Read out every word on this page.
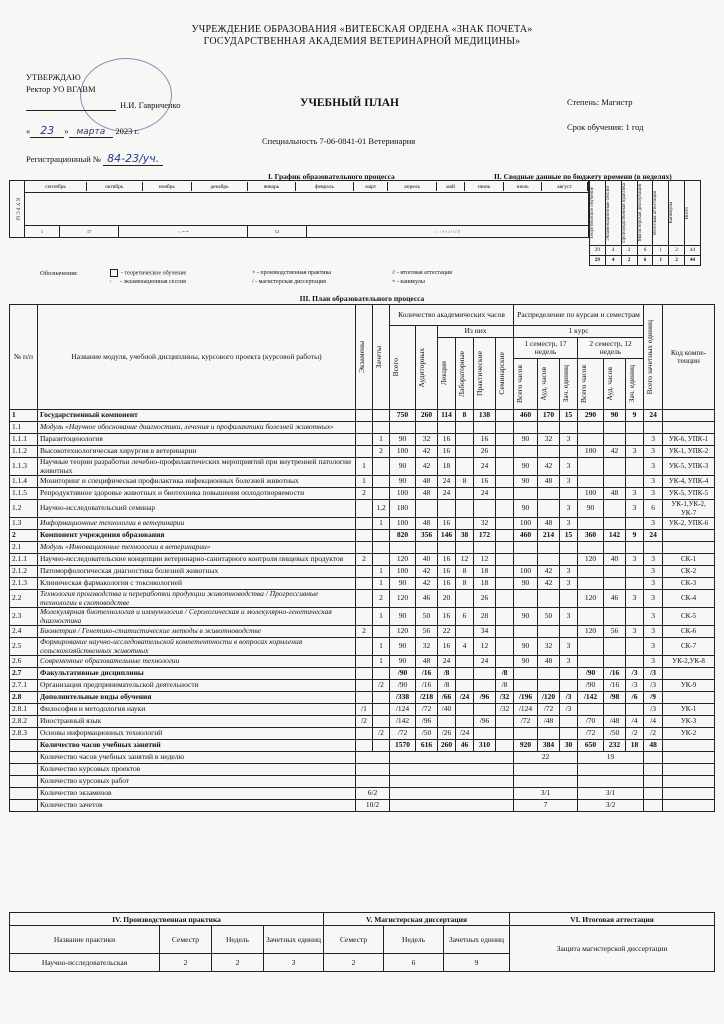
УЧРЕЖДЕНИЕ ОБРАЗОВАНИЯ «ВИТЕБСКАЯ ОРДЕНА «ЗНАК ПОЧЕТА»
ГОСУДАРСТВЕННАЯ АКАДЕМИЯ ВЕТЕРИНАРНОЙ МЕДИЦИНЫ»
УТВЕРЖДАЮ
Ректор УО ВГАВМ
Н.И. Гавриченко
« 23 » марта 2023 г.
Регистрационный № 84-23/уч.
УЧЕБНЫЙ ПЛАН
Специальность 7-06-0841-01 Ветеринария
Степень: Магистр
Срок обучения: 1 год
I. График образовательного процесса	II. Сводные данные по бюджету времени (в неделях)
К У Р С Ы	
сентябрь	октябрь	ноябрь	декабрь	январь	февраль	март	апрель	май	июнь	июль	август

1	17	: : = =	12	: : : × / / / / / //	Теоретическое обучение	Экзаменационные сессии	Производственная практика	Магистерская диссертация	Итоговая аттестация	Каникулы	Всего

29	4	2	6	1	2	44
29	4	2	6	1	2	44
Обозначения:	- теоретическое обучение
: - экзаменационная сессия
× - производственная практика
/ - магистерская диссертация
// - итоговая аттестация
= - каникулы
III. План образовательного процесса
№ п/п	Название модуля, учебной дисциплины, курсового проекта (курсовой работы)	Экзамены	Зачеты	Количество академических часов						Распределение по курсам и семестрам						Всего зачетных единиц	Код компе- тенции

				Всего	Аудиторных	Из них				1 курс							

						Лекции	Лабораторные	Практические	Семинарские	1 семестр, 17 недель			2 семестр, 12 недель				

										Всего часов	Ауд. часов	Зач. единиц	Всего часов	Ауд. часов	Зач. единиц		

1	Государственный компонент			750	260	114	8	138		460	170	15	290	90	9	24	
1.1	Модуль «Научное обоснование диагностики, лечения и профилактики болезней животных»																
1.1.1	Паразитоценология		1	90	32	16		16		90	32	3				3	УК-6, УПК-1
1.1.2	Высокотехнологическая хирургия в ветеринарии		2	100	42	16		26					100	42	3	3	УК-1, УПК-2
1.1.3	Научные теории разработки лечебно-профилактических мероприятий при внутренней патологии животных	1		90	42	18		24		90	42	3				3	УК-5, УПК-3
1.1.4	Мониторинг и специфическая профилактика инфекционных болезней животных	1		90	48	24	8	16		90	48	3				3	УК-4, УПК-4
1.1.5	Репродуктивное здоровье животных и биотехника повышения оплодотворяемости	2		100	48	24		24					100	48	3	3	УК-5, УПК-5
1.2	Научно-исследовательский семинар		1,2	180						90		3	90		3	6	УК-1,УК-2, УК-7
1.3	Информационные технологии в ветеринарии		1	100	48	16		32		100	48	3				3	УК-2, УПК-6
2	Компонент учреждения образования			820	356	146	38	172		460	214	15	360	142	9	24	
2.1	Модуль «Инновационные технологии в ветеринарии»																
2.1.1	Научно-исследовательские концепции ветеринарно-санитарного контроля пищевых продуктов	2		120	40	16	12	12					120	40	3	3	СК-1
2.1.2	Патоморфологическая диагностика болезней животных		1	100	42	16	8	18		100	42	3				3	СК-2
2.1.3	Клиническая фармакология с токсикологией		1	90	42	16	8	18		90	42	3				3	СК-3
2.2	Технология производства и переработки продукции животноводства / Прогрессивные технологии в скотоводстве		2	120	46	20		26					120	46	3	3	СК-4
2.3	Молекулярная биотехнология и иммунология / Серологическая и молекулярно-генетическая диагностика		1	90	50	16	6	28		90	50	3				3	СК-5
2.4	Биометрия / Генетико-статистические методы в животноводстве	2		120	56	22		34					120	56	3	3	СК-6
2.5	Формирование научно-исследовательской компетентности в вопросах кормления сельскохозяйственных животных		1	90	32	16	4	12		90	32	3				3	СК-7
2.6	Современные образовательные технологии		1	90	48	24		24		90	48	3				3	УК-2,УК-8
2.7	Факультативные дисциплины			/90	/16	/8			/8				/90	/16	/3	/3	
2.7.1	Организация предпринимательской деятельности		/2	/90	/16	/8			/8				/90	/16	/3	/3	УК-9
2.8	Дополнительные виды обучения			/338	/218	/66	/24	/96	/32	/196	/120	/3	/142	/98	/6	/9	
2.8.1	Философия и методология науки	/1		/124	/72	/40			/32	/124	/72	/3				/3	УК-1
2.8.2	Иностранный язык	/2		/142	/96			/96		/72	/48		/70	/48	/4	/4	УК-3
2.8.3	Основы информационных технологий		/2	/72	/50	/26	/24						/72	/50	/2	/2	УК-2
	Количество часов учебных занятий			1570	616	260	46	310		920	384	30	650	232	18	48	
	Количество часов учебных занятий в неделю									22			19				
	Количество курсовых проектов																
	Количество курсовых работ																
	Количество экзаменов	6/2								3/1			3/1				
	Количество зачетов	10/2								7			3/2				
IV. Производственная практика				V. Магистерская диссертация			VI. Итоговая аттестация
Название практики	Семестр	Недель	Зачетных единиц	Семестр	Недель	Зачетных единиц	Защита магистерской диссертации
Научно-исследовательская	2	2	3	2	6	9	
